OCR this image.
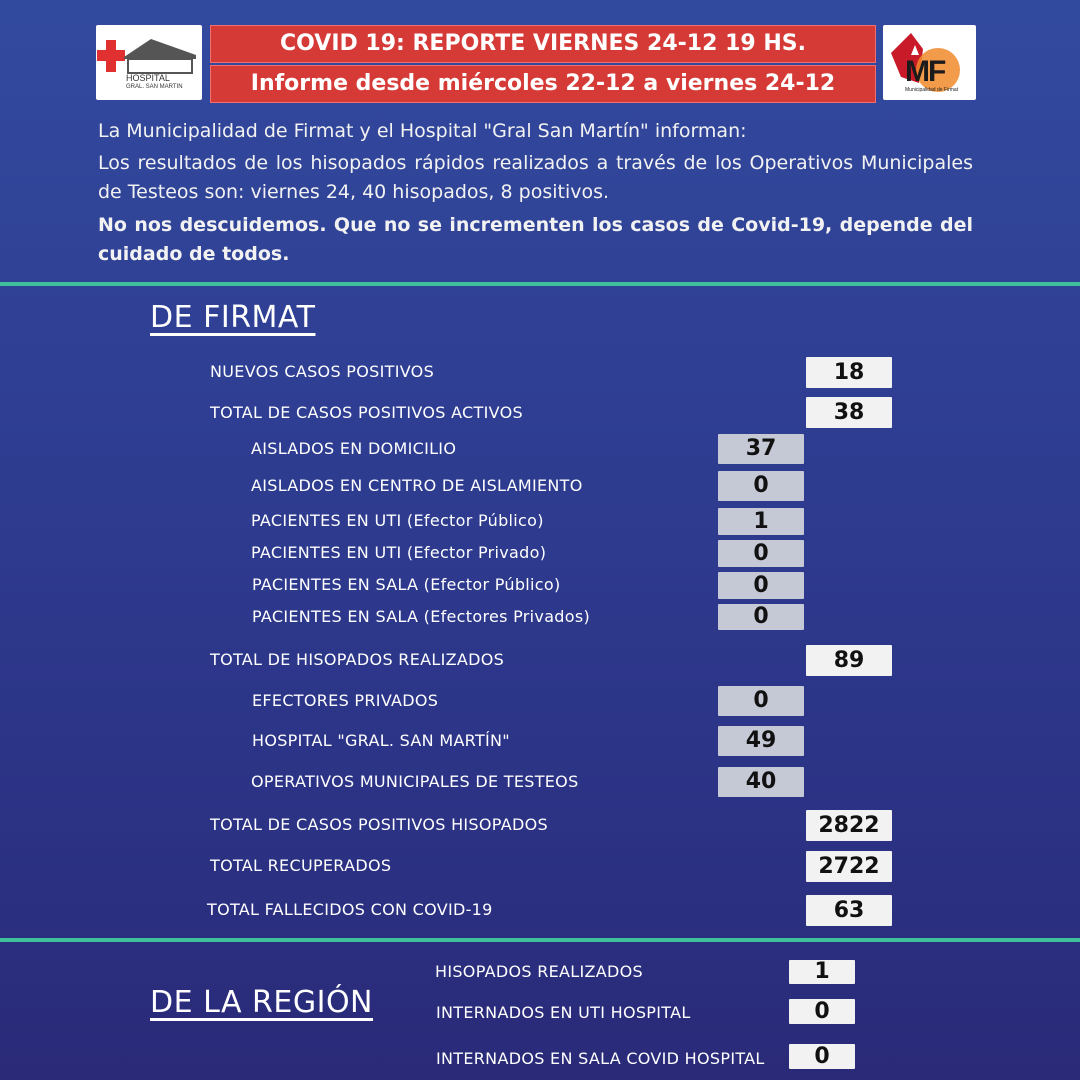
HOSPITAL
GRAL. SAN MARTIN
COVID 19: REPORTE VIERNES 24-12 19 HS.
Informe desde miércoles 22-12 a viernes 24-12	MF
Municipalidad de Firmat
La Municipalidad de Firmat y el Hospital "Gral San Martín" informan:
Los resultados de los hisopados rápidos realizados a través de los Operativos Municipales de Testeos son: viernes 24, 40 hisopados, 8 positivos.
No nos descuidemos. Que no se incrementen los casos de Covid-19, depende del cuidado de todos.
DE FIRMAT
NUEVOS CASOS POSITIVOS	18
TOTAL DE CASOS POSITIVOS ACTIVOS	38
AISLADOS EN DOMICILIO	37
AISLADOS EN CENTRO DE AISLAMIENTO	0
PACIENTES EN UTI (Efector Público)	1
PACIENTES EN UTI (Efector Privado)	0
PACIENTES EN SALA (Efector Público)	0
PACIENTES EN SALA (Efectores Privados)	0
TOTAL DE HISOPADOS REALIZADOS	89
EFECTORES PRIVADOS	0
HOSPITAL "GRAL. SAN MARTÍN"	49
OPERATIVOS MUNICIPALES DE TESTEOS	40
TOTAL DE CASOS POSITIVOS HISOPADOS	2822
TOTAL RECUPERADOS	2722
TOTAL FALLECIDOS CON COVID-19	63
DE LA REGIÓN
HISOPADOS REALIZADOS	1
INTERNADOS EN UTI HOSPITAL	0
INTERNADOS EN SALA COVID HOSPITAL	0
